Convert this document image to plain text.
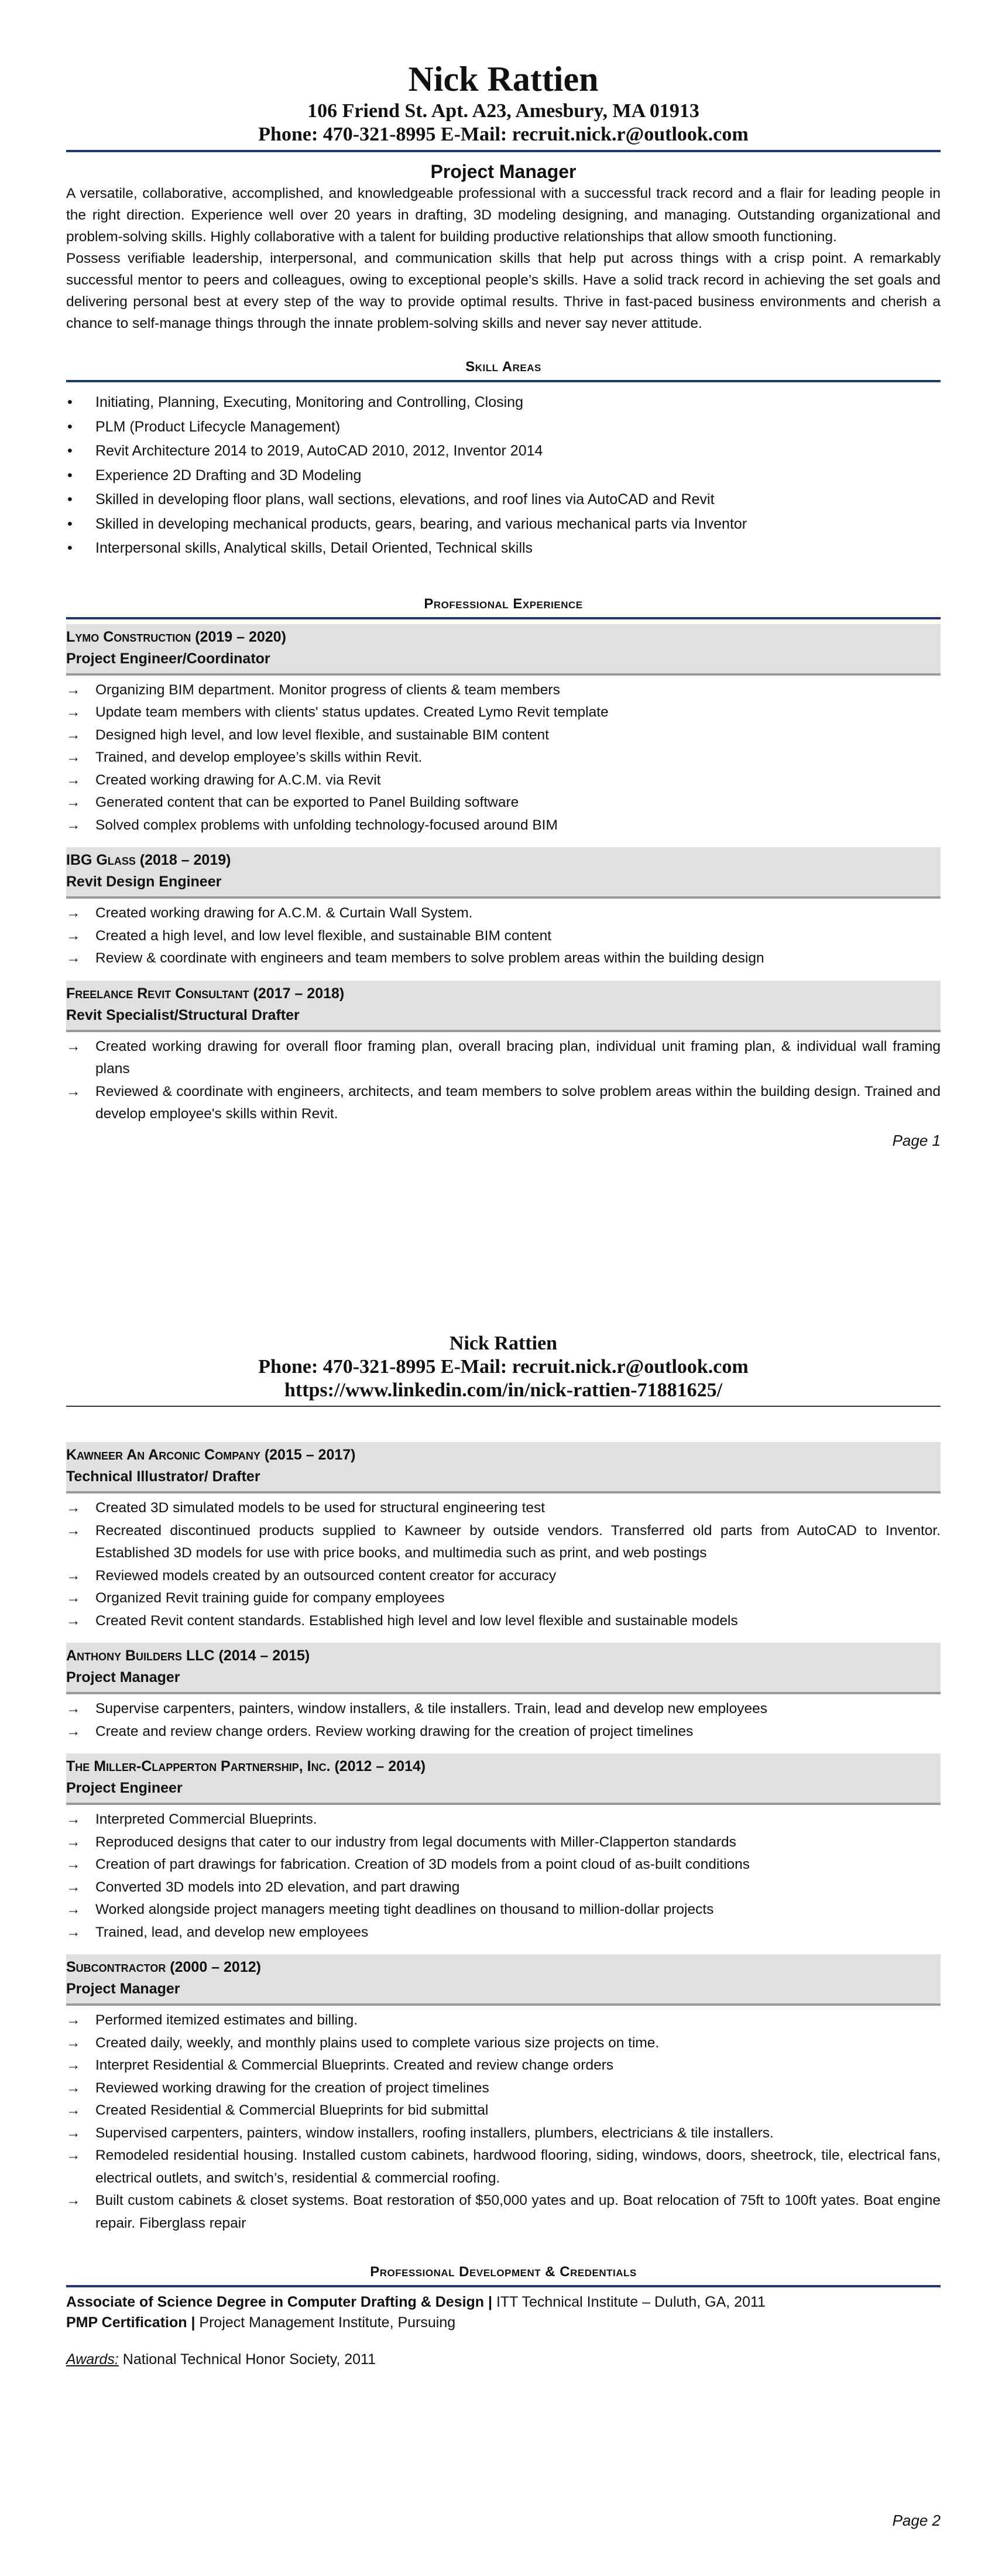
Nick Rattien
106 Friend St. Apt. A23, Amesbury, MA 01913
Phone: 470-321-8995 E-Mail: recruit.nick.r@outlook.com
Project Manager

A versatile, collaborative, accomplished, and knowledgeable professional with a successful track record and a flair for leading people in the right direction. Experience well over 20 years in drafting, 3D modeling designing, and managing. Outstanding organizational and problem-solving skills. Highly collaborative with a talent for building productive relationships that allow smooth functioning.

Possess verifiable leadership, interpersonal, and communication skills that help put across things with a crisp point. A remarkably successful mentor to peers and colleagues, owing to exceptional people’s skills. Have a solid track record in achieving the set goals and delivering personal best at every step of the way to provide optimal results. Thrive in fast-paced business environments and cherish a chance to self-manage things through the innate problem-solving skills and never say never attitude.

Skill Areas
• Initiating, Planning, Executing, Monitoring and Controlling, Closing
• PLM (Product Lifecycle Management)
• Revit Architecture 2014 to 2019, AutoCAD 2010, 2012, Inventor 2014
• Experience 2D Drafting and 3D Modeling
• Skilled in developing floor plans, wall sections, elevations, and roof lines via AutoCAD and Revit
• Skilled in developing mechanical products, gears, bearing, and various mechanical parts via Inventor
• Interpersonal skills, Analytical skills, Detail Oriented, Technical skills
Professional Experience
Lymo Construction (2019 – 2020)
Project Engineer/Coordinator
→ Organizing BIM department. Monitor progress of clients & team members
→ Update team members with clients' status updates. Created Lymo Revit template
→ Designed high level, and low level flexible, and sustainable BIM content
→ Trained, and develop employee’s skills within Revit.
→ Created working drawing for A.C.M. via Revit
→ Generated content that can be exported to Panel Building software
→ Solved complex problems with unfolding technology-focused around BIM
IBG Glass (2018 – 2019)
Revit Design Engineer
→ Created working drawing for A.C.M. & Curtain Wall System.
→ Created a high level, and low level flexible, and sustainable BIM content
→ Review & coordinate with engineers and team members to solve problem areas within the building design
Freelance Revit Consultant (2017 – 2018)
Revit Specialist/Structural Drafter
→ Created working drawing for overall floor framing plan, overall bracing plan, individual unit framing plan, & individual wall framing plans
→ Reviewed & coordinate with engineers, architects, and team members to solve problem areas within the building design. Trained and develop employee's skills within Revit.
Page 1
Nick Rattien
Phone: 470-321-8995 E-Mail: recruit.nick.r@outlook.com
https://www.linkedin.com/in/nick-rattien-71881625/
Kawneer An Arconic Company (2015 – 2017)
Technical Illustrator/ Drafter
→ Created 3D simulated models to be used for structural engineering test
→ Recreated discontinued products supplied to Kawneer by outside vendors. Transferred old parts from AutoCAD to Inventor. Established 3D models for use with price books, and multimedia such as print, and web postings
→ Reviewed models created by an outsourced content creator for accuracy
→ Organized Revit training guide for company employees
→ Created Revit content standards. Established high level and low level flexible and sustainable models
Anthony Builders LLC (2014 – 2015)
Project Manager
→ Supervise carpenters, painters, window installers, & tile installers. Train, lead and develop new employees
→ Create and review change orders. Review working drawing for the creation of project timelines
The Miller-Clapperton Partnership, Inc. (2012 – 2014)
Project Engineer
→ Interpreted Commercial Blueprints.
→ Reproduced designs that cater to our industry from legal documents with Miller-Clapperton standards
→ Creation of part drawings for fabrication. Creation of 3D models from a point cloud of as-built conditions
→ Converted 3D models into 2D elevation, and part drawing
→ Worked alongside project managers meeting tight deadlines on thousand to million-dollar projects
→ Trained, lead, and develop new employees
Subcontractor (2000 – 2012)
Project Manager
→ Performed itemized estimates and billing.
→ Created daily, weekly, and monthly plains used to complete various size projects on time.
→ Interpret Residential & Commercial Blueprints. Created and review change orders
→ Reviewed working drawing for the creation of project timelines
→ Created Residential & Commercial Blueprints for bid submittal
→ Supervised carpenters, painters, window installers, roofing installers, plumbers, electricians & tile installers.
→ Remodeled residential housing. Installed custom cabinets, hardwood flooring, siding, windows, doors, sheetrock, tile, electrical fans, electrical outlets, and switch’s, residential & commercial roofing.
→ Built custom cabinets & closet systems. Boat restoration of $50,000 yates and up. Boat relocation of 75ft to 100ft yates. Boat engine repair. Fiberglass repair
Professional Development & Credentials
Associate of Science Degree in Computer Drafting & Design | ITT Technical Institute – Duluth, GA, 2011
PMP Certification | Project Management Institute, Pursuing
Awards: National Technical Honor Society, 2011
Page 2
